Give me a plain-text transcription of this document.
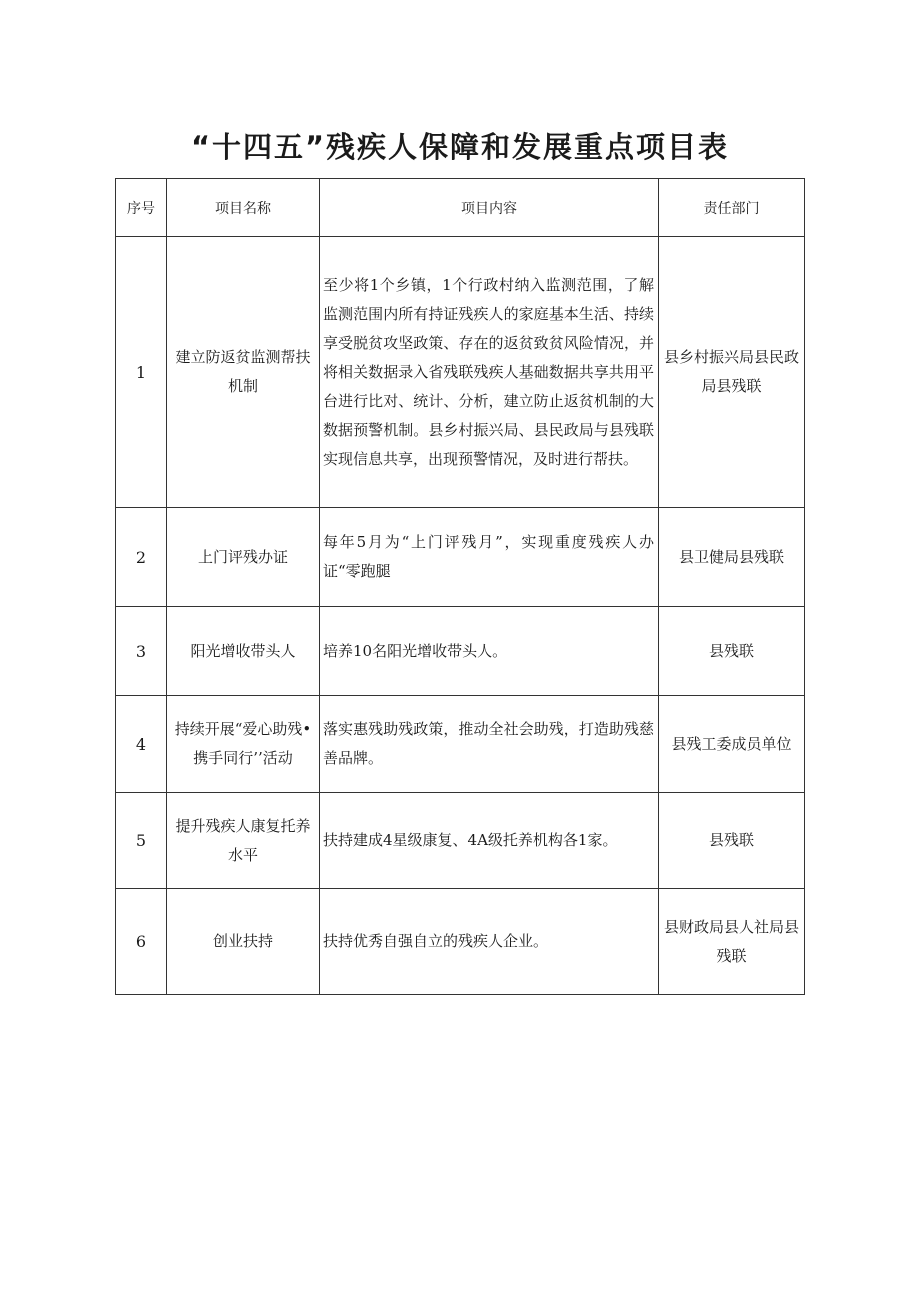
“十四五”残疾人保障和发展重点项目表
序号	项目名称	项目内容	责任部门
1	建立防返贫监测帮扶机制	至少将1个乡镇，1个行政村纳入监测范围，了解监测范围内所有持证残疾人的家庭基本生活、持续享受脱贫攻坚政策、存在的返贫致贫风险情况，并将相关数据录入省残联残疾人基础数据共享共用平台进行比对、统计、分析，建立防止返贫机制的大数据预警机制。县乡村振兴局、县民政局与县残联实现信息共享，出现预警情况，及时进行帮扶。	县乡村振兴局县民政局县残联
2	上门评残办证	每年5月为“上门评残月”，实现重度残疾人办证“零跑腿	县卫健局县残联
3	阳光增收带头人	培养10名阳光增收带头人。	县残联
4	持续开展“爱心助残•携手同行’’活动	落实惠残助残政策，推动全社会助残，打造助残慈善品牌。	县残工委成员单位
5	提升残疾人康复托养水平	扶持建成4星级康复、4A级托养机构各1家。	县残联
6	创业扶持	扶持优秀自强自立的残疾人企业。	县财政局县人社局县残联
